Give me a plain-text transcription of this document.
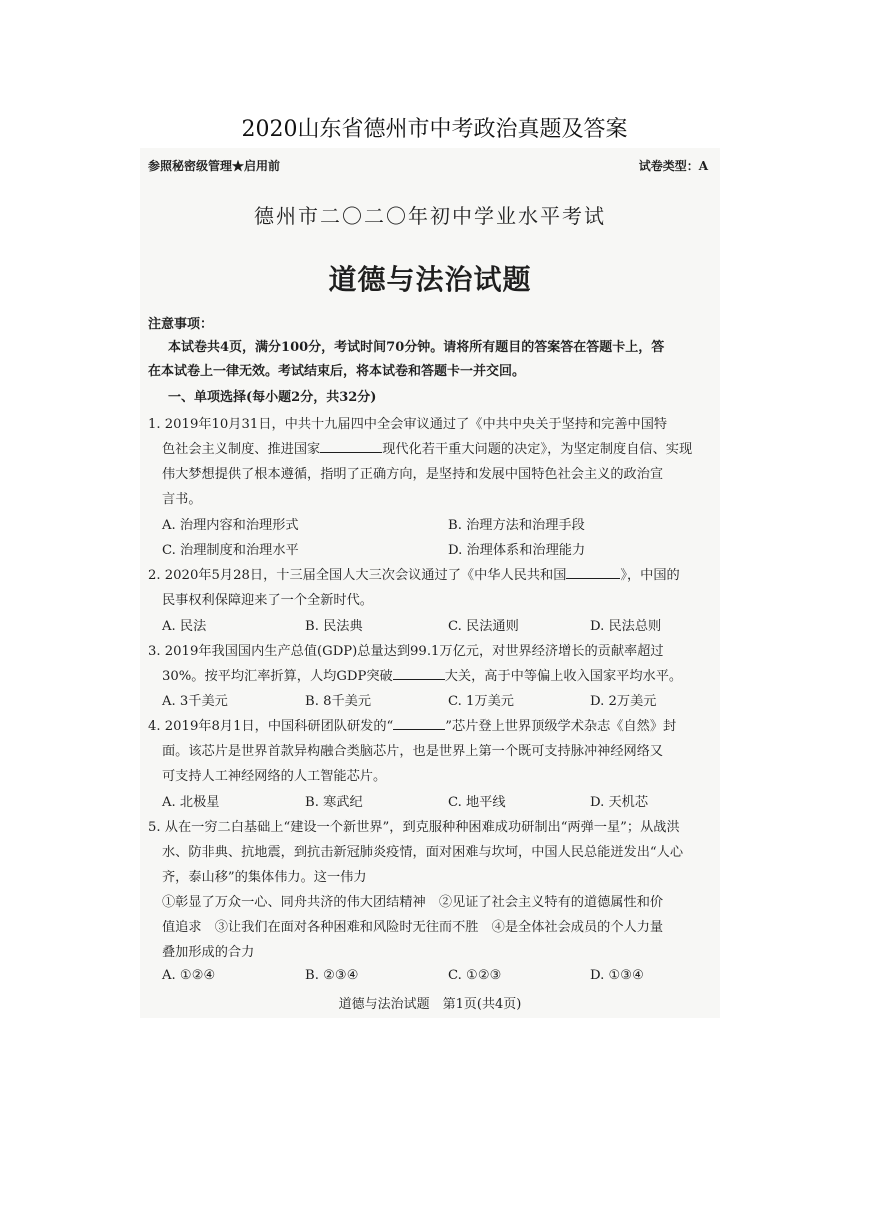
2020山东省德州市中考政治真题及答案
参照秘密级管理★启用前	试卷类型：A
德州市二〇二〇年初中学业水平考试
道德与法治试题
注意事项：
本试卷共4页，满分100分，考试时间70分钟。请将所有题目的答案答在答题卡上，答
在本试卷上一律无效。考试结束后，将本试卷和答题卡一并交回。
一、单项选择(每小题2分，共32分)
1. 2019年10月31日，中共十九届四中全会审议通过了《中共中央关于坚持和完善中国特
色社会主义制度、推进国家	现代化若干重大问题的决定》，为坚定制度自信、实现
伟大梦想提供了根本遵循，指明了正确方向，是坚持和发展中国特色社会主义的政治宣
言书。
A. 治理内容和治理形式	B. 治理方法和治理手段
C. 治理制度和治理水平	D. 治理体系和治理能力
2. 2020年5月28日，十三届全国人大三次会议通过了《中华人民共和国	》，中国的
民事权利保障迎来了一个全新时代。
A. 民法	B. 民法典	C. 民法通则	D. 民法总则
3. 2019年我国国内生产总值(GDP)总量达到99.1万亿元，对世界经济增长的贡献率超过
30%。按平均汇率折算，人均GDP突破	大关，高于中等偏上收入国家平均水平。
A. 3千美元	B. 8千美元	C. 1万美元	D. 2万美元
4. 2019年8月1日，中国科研团队研发的“	”芯片登上世界顶级学术杂志《自然》封
面。该芯片是世界首款异构融合类脑芯片，也是世界上第一个既可支持脉冲神经网络又
可支持人工神经网络的人工智能芯片。
A. 北极星	B. 寒武纪	C. 地平线	D. 天机芯
5. 从在一穷二白基础上“建设一个新世界”，到克服种种困难成功研制出“两弹一星”；从战洪
水、防非典、抗地震，到抗击新冠肺炎疫情，面对困难与坎坷，中国人民总能迸发出“人心
齐，泰山移”的集体伟力。这一伟力
①彰显了万众一心、同舟共济的伟大团结精神　②见证了社会主义特有的道德属性和价
值追求　③让我们在面对各种困难和风险时无往而不胜　④是全体社会成员的个人力量
叠加形成的合力
A. ①②④	B. ②③④	C. ①②③	D. ①③④
道德与法治试题　第1页(共4页)
